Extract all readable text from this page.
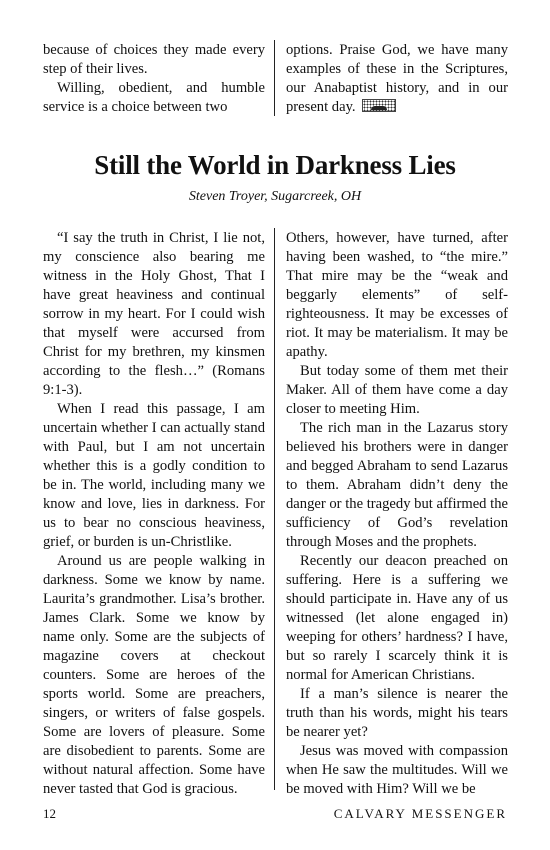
because of choices they made every step of their lives.

Willing, obedient, and humble service is a choice between two

options. Praise God, we have many examples of these in the Scriptures, our Anabaptist history, and in our present day.

Still the World in Darkness Lies

Steven Troyer, Sugarcreek, OH

“I say the truth in Christ, I lie not, my conscience also bearing me witness in the Holy Ghost, That I have great heaviness and continual sorrow in my heart. For I could wish that myself were accursed from Christ for my brethren, my kinsmen according to the flesh…” (Romans 9:1-3).

When I read this passage, I am uncertain whether I can actually stand with Paul, but I am not uncertain whether this is a godly condition to be in. The world, including many we know and love, lies in darkness. For us to bear no conscious heaviness, grief, or burden is un-Christlike.

Around us are people walking in darkness. Some we know by name. Laurita’s grandmother. Lisa’s brother. James Clark. Some we know by name only. Some are the subjects of magazine covers at checkout counters. Some are heroes of the sports world. Some are preachers, singers, or writers of false gospels. Some are lovers of pleasure. Some are disobedient to parents. Some are without natural affection. Some have never tasted that God is gracious.

Others, however, have turned, after having been washed, to “the mire.” That mire may be the “weak and beggarly elements” of self-righteousness. It may be excesses of riot. It may be materialism. It may be apathy.

But today some of them met their Maker. All of them have come a day closer to meeting Him.

The rich man in the Lazarus story believed his brothers were in danger and begged Abraham to send Lazarus to them. Abraham didn’t deny the danger or the tragedy but affirmed the sufficiency of God’s revelation through Moses and the prophets.

Recently our deacon preached on suffering. Here is a suffering we should participate in. Have any of us witnessed (let alone engaged in) weeping for others’ hardness? I have, but so rarely I scarcely think it is normal for American Christians.

If a man’s silence is nearer the truth than his words, might his tears be nearer yet?

Jesus was moved with compassion when He saw the multitudes. Will we be moved with Him? Will we be

12	CALVARY MESSENGER
